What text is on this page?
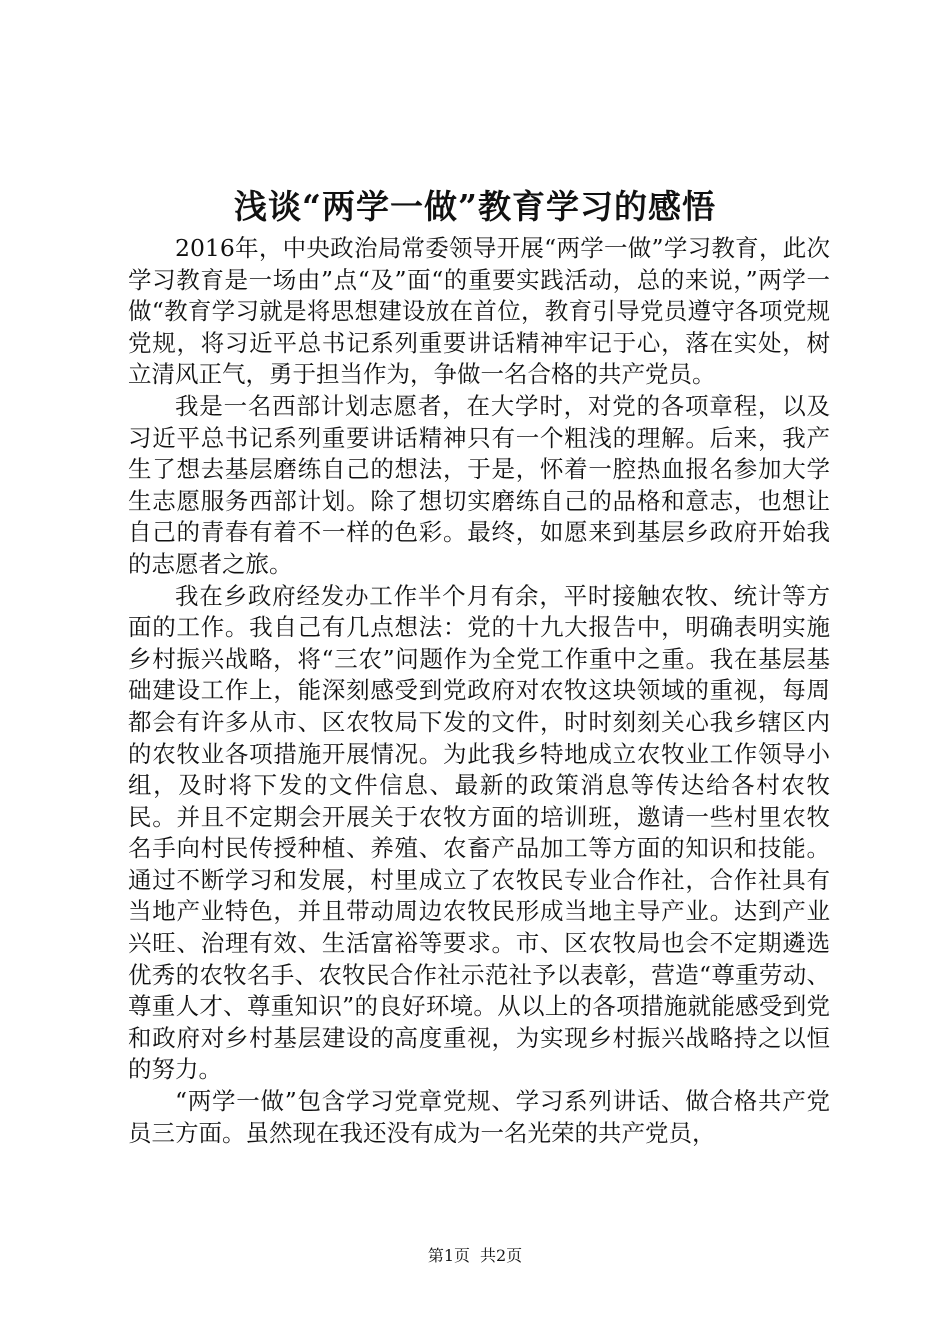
浅谈“两学一做”教育学习的感悟

2016年，中央政治局常委领导开展“两学一做”学习教育，此次学习教育是一场由”点“及”面“的重要实践活动，总的来说，”两学一做“教育学习就是将思想建设放在首位，教育引导党员遵守各项党规党规，将习近平总书记系列重要讲话精神牢记于心，落在实处，树立清风正气，勇于担当作为，争做一名合格的共产党员。

我是一名西部计划志愿者，在大学时，对党的各项章程，以及习近平总书记系列重要讲话精神只有一个粗浅的理解。后来，我产生了想去基层磨练自己的想法，于是，怀着一腔热血报名参加大学生志愿服务西部计划。除了想切实磨练自己的品格和意志，也想让自己的青春有着不一样的色彩。最终，如愿来到基层乡政府开始我的志愿者之旅。

我在乡政府经发办工作半个月有余，平时接触农牧、统计等方面的工作。我自己有几点想法：党的十九大报告中，明确表明实施乡村振兴战略，将“三农”问题作为全党工作重中之重。我在基层基础建设工作上，能深刻感受到党政府对农牧这块领域的重视，每周都会有许多从市、区农牧局下发的文件，时时刻刻关心我乡辖区内的农牧业各项措施开展情况。为此我乡特地成立农牧业工作领导小组，及时将下发的文件信息、最新的政策消息等传达给各村农牧民。并且不定期会开展关于农牧方面的培训班，邀请一些村里农牧名手向村民传授种植、养殖、农畜产品加工等方面的知识和技能。通过不断学习和发展，村里成立了农牧民专业合作社，合作社具有当地产业特色，并且带动周边农牧民形成当地主导产业。达到产业兴旺、治理有效、生活富裕等要求。市、区农牧局也会不定期遴选优秀的农牧名手、农牧民合作社示范社予以表彰，营造“尊重劳动、尊重人才、尊重知识”的良好环境。从以上的各项措施就能感受到党和政府对乡村基层建设的高度重视，为实现乡村振兴战略持之以恒的努力。

“两学一做”包含学习党章党规、学习系列讲话、做合格共产党员三方面。虽然现在我还没有成为一名光荣的共产党员，

第1页 共2页
